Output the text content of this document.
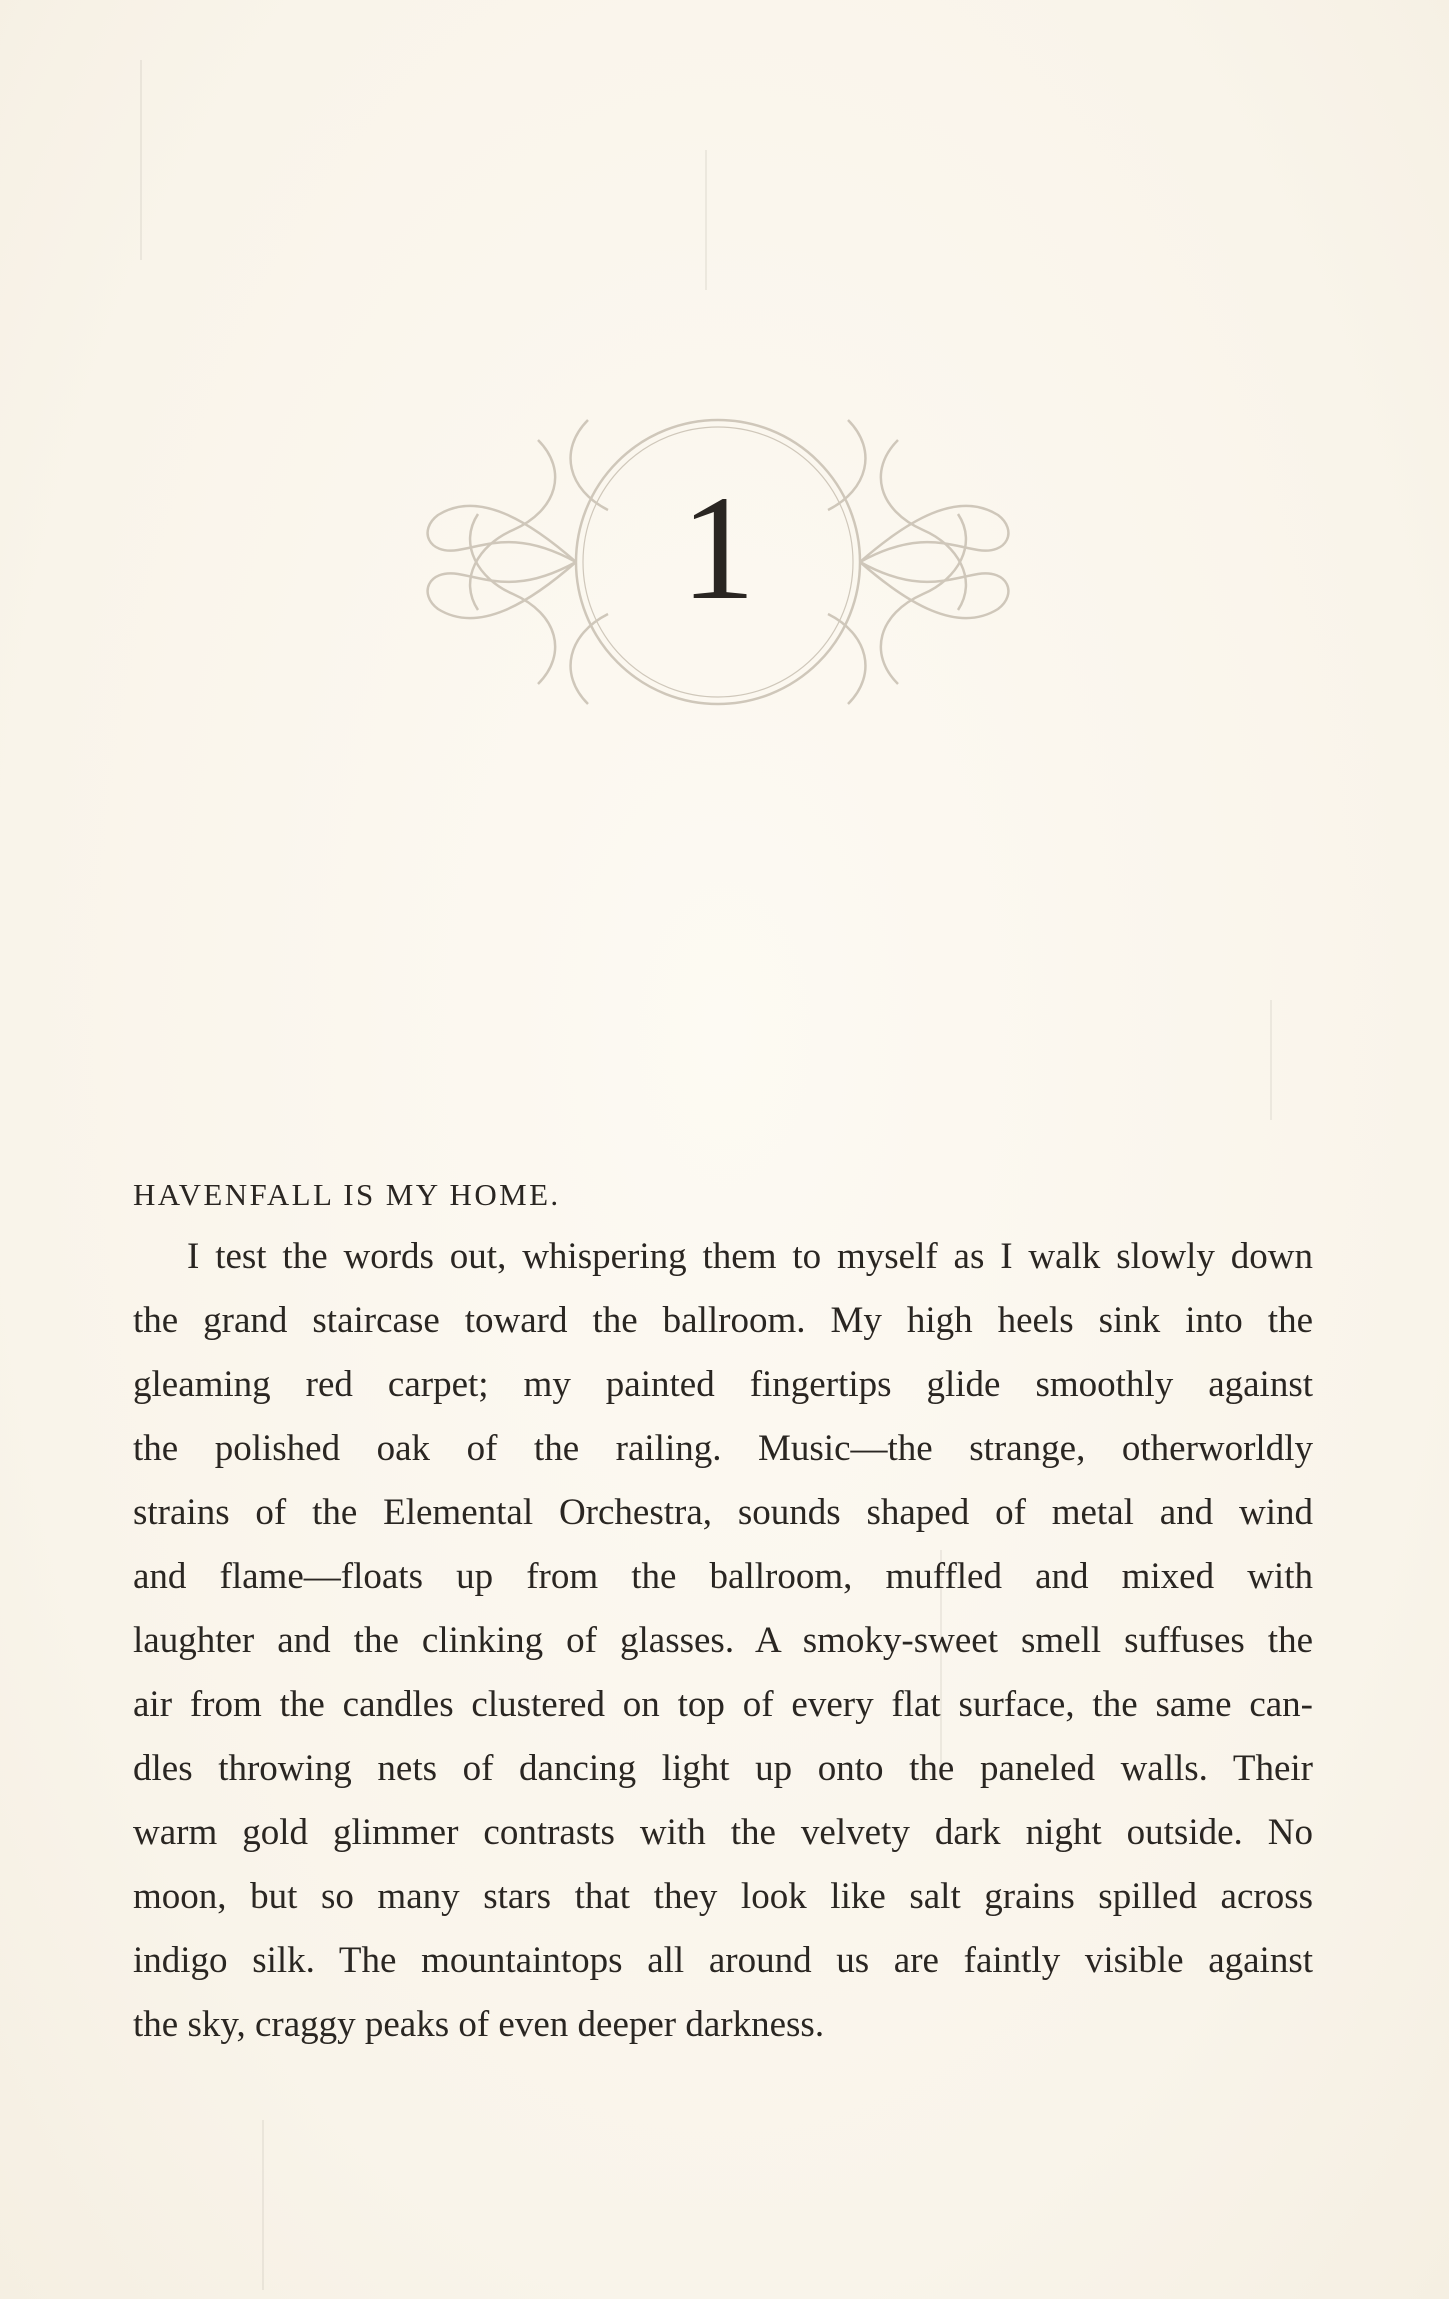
1

HAVENFALL IS MY HOME.

I test the words out, whispering them to myself as I walk slowly down
the grand staircase toward the ballroom. My high heels sink into the
gleaming red carpet; my painted fingertips glide smoothly against
the polished oak of the railing. Music—the strange, otherworldly
strains of the Elemental Orchestra, sounds shaped of metal and wind
and flame—floats up from the ballroom, muffled and mixed with
laughter and the clinking of glasses. A smoky-sweet smell suffuses the
air from the candles clustered on top of every flat surface, the same can-
dles throwing nets of dancing light up onto the paneled walls. Their
warm gold glimmer contrasts with the velvety dark night outside. No
moon, but so many stars that they look like salt grains spilled across
indigo silk. The mountaintops all around us are faintly visible against
the sky, craggy peaks of even deeper darkness.
